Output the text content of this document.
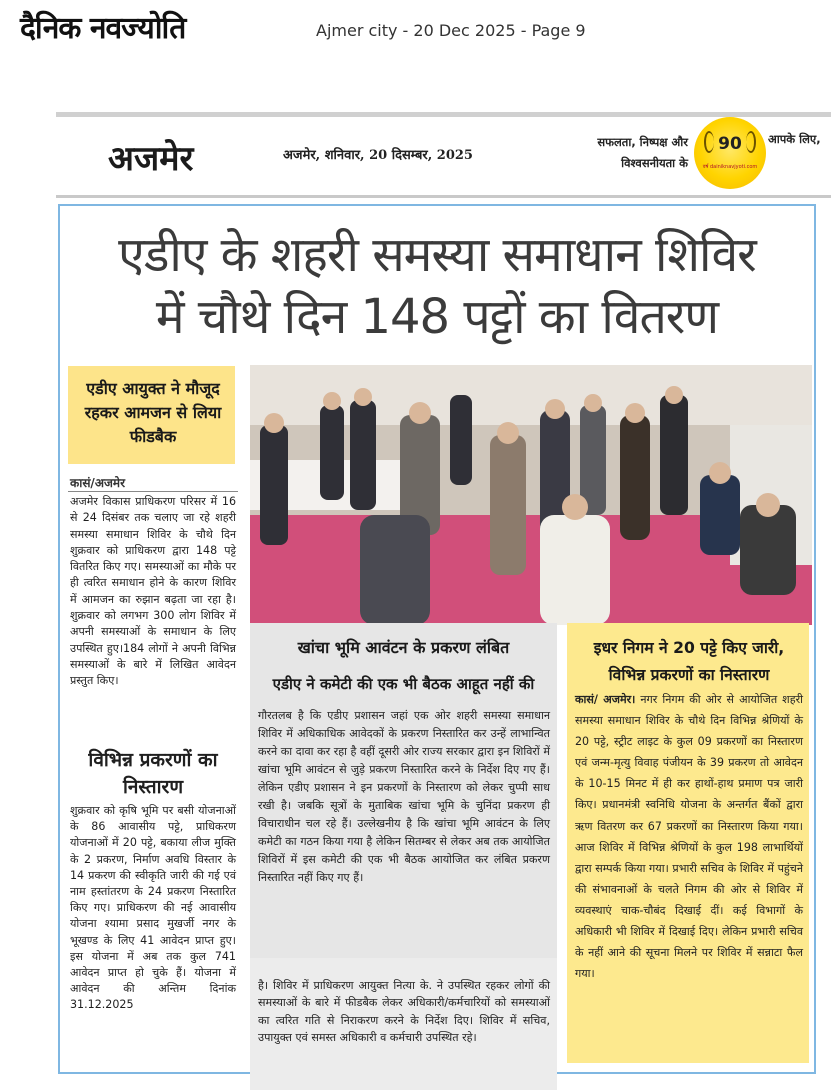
दैनिक नवज्योति	Ajmer city - 20 Dec 2025 - Page 9
अजमेर	अजमेर, शनिवार, 20 दिसम्बर, 2025
सफलता, निष्पक्ष और विश्वसनीयता के
90
वर्ष dainiknavjyoti.com
आपके लिए,
एडीए के शहरी समस्या समाधान शिविर
में चौथे दिन 148 पट्टों का वितरण
एडीए आयुक्त ने मौजूद रहकर आमजन से लिया फीडबैक
कासं/अजमेर

अजमेर विकास प्राधिकरण परिसर में 16 से 24 दिसंबर तक चलाए जा रहे शहरी समस्या समाधान शिविर के चौथे दिन शुक्रवार को प्राधिकरण द्वारा 148 पट्टे वितरित किए गए। समस्याओं का मौके पर ही त्वरित समाधान होने के कारण शिविर में आमजन का रुझान बढ़ता जा रहा है। शुक्रवार को लगभग 300 लोग शिविर में अपनी समस्याओं के समाधान के लिए उपस्थित हुए।184 लोगों ने अपनी विभिन्न समस्याओं के बारे में लिखित आवेदन प्रस्तुत किए।

विभिन्न प्रकरणों का निस्तारण

शुक्रवार को कृषि भूमि पर बसी योजनाओं के 86 आवासीय पट्टे, प्राधिकरण योजनाओं में 20 पट्टे, बकाया लीज मुक्ति के 2 प्रकरण, निर्माण अवधि विस्तार के 14 प्रकरण की स्वीकृति जारी की गई एवं नाम हस्तांतरण के 24 प्रकरण निस्तारित किए गए। प्राधिकरण की नई आवासीय योजना श्यामा प्रसाद मुखर्जी नगर के भूखण्ड के लिए 41 आवेदन प्राप्त हुए। इस योजना में अब तक कुल 741 आवेदन प्राप्त हो चुके हैं। योजना में आवेदन की अन्तिम दिनांक 31.12.2025

खांचा भूमि आवंटन के प्रकरण लंबित
एडीए ने कमेटी की एक भी बैठक आहूत नहीं की

गौरतलब है कि एडीए प्रशासन जहां एक ओर शहरी समस्या समाधान शिविर में अधिकाधिक आवेदकों के प्रकरण निस्तारित कर उन्हें लाभान्वित करने का दावा कर रहा है वहीं दूसरी ओर राज्य सरकार द्वारा इन शिविरों में खांचा भूमि आवंटन से जुड़े प्रकरण निस्तारित करने के निर्देश दिए गए हैं। लेकिन एडीए प्रशासन ने इन प्रकरणों के निस्तारण को लेकर चुप्पी साध रखी है। जबकि सूत्रों के मुताबिक खांचा भूमि के चुनिंदा प्रकरण ही विचाराधीन चल रहे हैं। उल्लेखनीय है कि खांचा भूमि आवंटन के लिए कमेटी का गठन किया गया है लेकिन सितम्बर से लेकर अब तक आयोजित शिविरों में इस कमेटी की एक भी बैठक आयोजित कर लंबित प्रकरण निस्तारित नहीं किए गए हैं।

है। शिविर में प्राधिकरण आयुक्त नित्या के. ने उपस्थित रहकर लोगों की समस्याओं के बारे में फीडबैक लेकर अधिकारी/कर्मचारियों को समस्याओं का त्वरित गति से निराकरण करने के निर्देश दिए। शिविर में सचिव, उपायुक्त एवं समस्त अधिकारी व कर्मचारी उपस्थित रहे।

इधर निगम ने 20 पट्टे किए जारी, विभिन्न प्रकरणों का निस्तारण

कासं/ अजमेर। नगर निगम की ओर से आयोजित शहरी समस्या समाधान शिविर के चौथे दिन विभिन्न श्रेणियों के 20 पट्टे, स्ट्रीट लाइट के कुल 09 प्रकरणों का निस्तारण एवं जन्म-मृत्यु विवाह पंजीयन के 39 प्रकरण तो आवेदन के 10-15 मिनट में ही कर हाथों-हाथ प्रमाण पत्र जारी किए। प्रधानमंत्री स्वनिधि योजना के अन्तर्गत बैंकों द्वारा ऋण वितरण कर 67 प्रकरणों का निस्तारण किया गया। आज शिविर में विभिन्न श्रेणियों के कुल 198 लाभार्थियों द्वारा सम्पर्क किया गया। प्रभारी सचिव के शिविर में पहुंचने की संभावनाओं के चलते निगम की ओर से शिविर में व्यवस्थाएं चाक-चौबंद दिखाई दीं। कई विभागों के अधिकारी भी शिविर में दिखाई दिए। लेकिन प्रभारी सचिव के नहीं आने की सूचना मिलने पर शिविर में सन्नाटा फैल गया।
